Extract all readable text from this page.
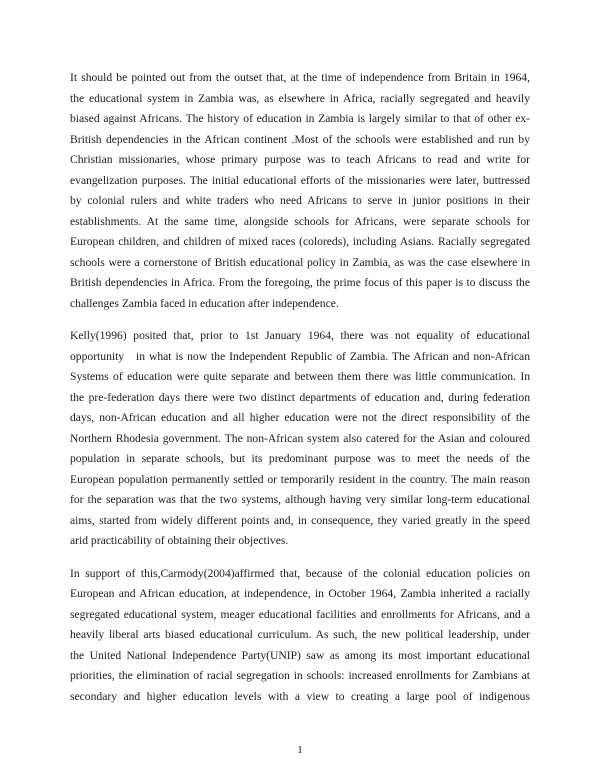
It should be pointed out from the outset that, at the time of independence from Britain in 1964,
the educational system in Zambia was, as elsewhere in Africa, racially segregated and heavily
biased against Africans. The history of education in Zambia is largely similar to that of other ex-
British dependencies in the African continent .Most of the schools were established and run by
Christian missionaries, whose primary purpose was to teach Africans to read and write for
evangelization purposes. The initial educational efforts of the missionaries were later, buttressed
by colonial rulers and white traders who need Africans to serve in junior positions in their
establishments. At the same time, alongside schools for Africans, were separate schools for
European children, and children of mixed races (coloreds), including Asians. Racially segregated
schools were a cornerstone of British educational policy in Zambia, as was the case elsewhere in
British dependencies in Africa. From the foregoing, the prime focus of this paper is to discuss the
challenges Zambia faced in education after independence.

Kelly(1996) posited that, prior to 1st January 1964, there was not equality of educational
opportunity   in what is now the Independent Republic of Zambia. The African and non-African
Systems of education were quite separate and between them there was little communication. In
the pre-federation days there were two distinct departments of education and, during federation
days, non-African education and all higher education were not the direct responsibility of the
Northern Rhodesia government. The non-African system also catered for the Asian and coloured
population in separate schools, but its predominant purpose was to meet the needs of the
European population permanently settled or temporarily resident in the country. The main reason
for the separation was that the two systems, although having very similar long-term educational
aims, started from widely different points and, in consequence, they varied greatly in the speed
arid practicability of obtaining their objectives.

In support of this,Carmody(2004)affirmed that, because of the colonial education policies on
European and African education, at independence, in October 1964, Zambia inherited a racially
segregated educational system, meager educational facilities and enrollments for Africans, and a
heavily liberal arts biased educational curriculum. As such, the new political leadership, under
the United National Independence Party(UNIP) saw as among its most important educational
priorities, the elimination of racial segregation in schools: increased enrollments for Zambians at
secondary and higher education levels with a view to creating a large pool of indigenous

1
